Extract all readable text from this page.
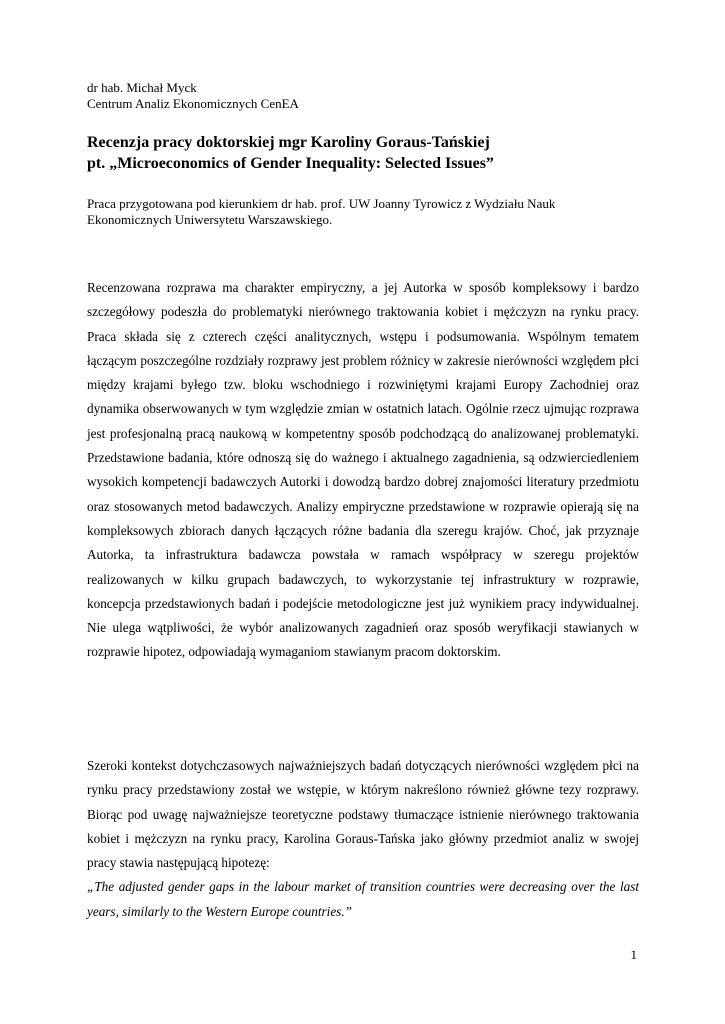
dr hab. Michał Myck
Centrum Analiz Ekonomicznych CenEA
Recenzja pracy doktorskiej mgr Karoliny Goraus-Tańskiej
pt. „Microeconomics of Gender Inequality: Selected Issues”
Praca przygotowana pod kierunkiem dr hab. prof. UW Joanny Tyrowicz z Wydziału Nauk
Ekonomicznych Uniwersytetu Warszawskiego.
Recenzowana rozprawa ma charakter empiryczny, a jej Autorka w sposób kompleksowy i bardzo szczegółowy podeszła do problematyki nierównego traktowania kobiet i mężczyzn na rynku pracy. Praca składa się z czterech części analitycznych, wstępu i podsumowania. Wspólnym tematem łączącym poszczególne rozdziały rozprawy jest problem różnicy w zakresie nierówności względem płci między krajami byłego tzw. bloku wschodniego i rozwiniętymi krajami Europy Zachodniej oraz dynamika obserwowanych w tym względzie zmian w ostatnich latach. Ogólnie rzecz ujmując rozprawa jest profesjonalną pracą naukową w kompetentny sposób podchodzącą do analizowanej problematyki. Przedstawione badania, które odnoszą się do ważnego i aktualnego zagadnienia, są odzwierciedleniem wysokich kompetencji badawczych Autorki i dowodzą bardzo dobrej znajomości literatury przedmiotu oraz stosowanych metod badawczych. Analizy empiryczne przedstawione w rozprawie opierają się na kompleksowych zbiorach danych łączących różne badania dla szeregu krajów. Choć, jak przyznaje Autorka, ta infrastruktura badawcza powstała w ramach współpracy w szeregu projektów realizowanych w kilku grupach badawczych, to wykorzystanie tej infrastruktury w rozprawie, koncepcja przedstawionych badań i podejście metodologiczne jest już wynikiem pracy indywidualnej. Nie ulega wątpliwości, że wybór analizowanych zagadnień oraz sposób weryfikacji stawianych w rozprawie hipotez, odpowiadają wymaganiom stawianym pracom doktorskim.
Szeroki kontekst dotychczasowych najważniejszych badań dotyczących nierówności względem płci na rynku pracy przedstawiony został we wstępie, w którym nakreślono również główne tezy rozprawy. Biorąc pod uwagę najważniejsze teoretyczne podstawy tłumaczące istnienie nierównego traktowania kobiet i mężczyzn na rynku pracy, Karolina Goraus-Tańska jako główny przedmiot analiz w swojej pracy stawia następującą hipotezę:
„The adjusted gender gaps in the labour market of transition countries were decreasing over the last years, similarly to the Western Europe countries.”
1
